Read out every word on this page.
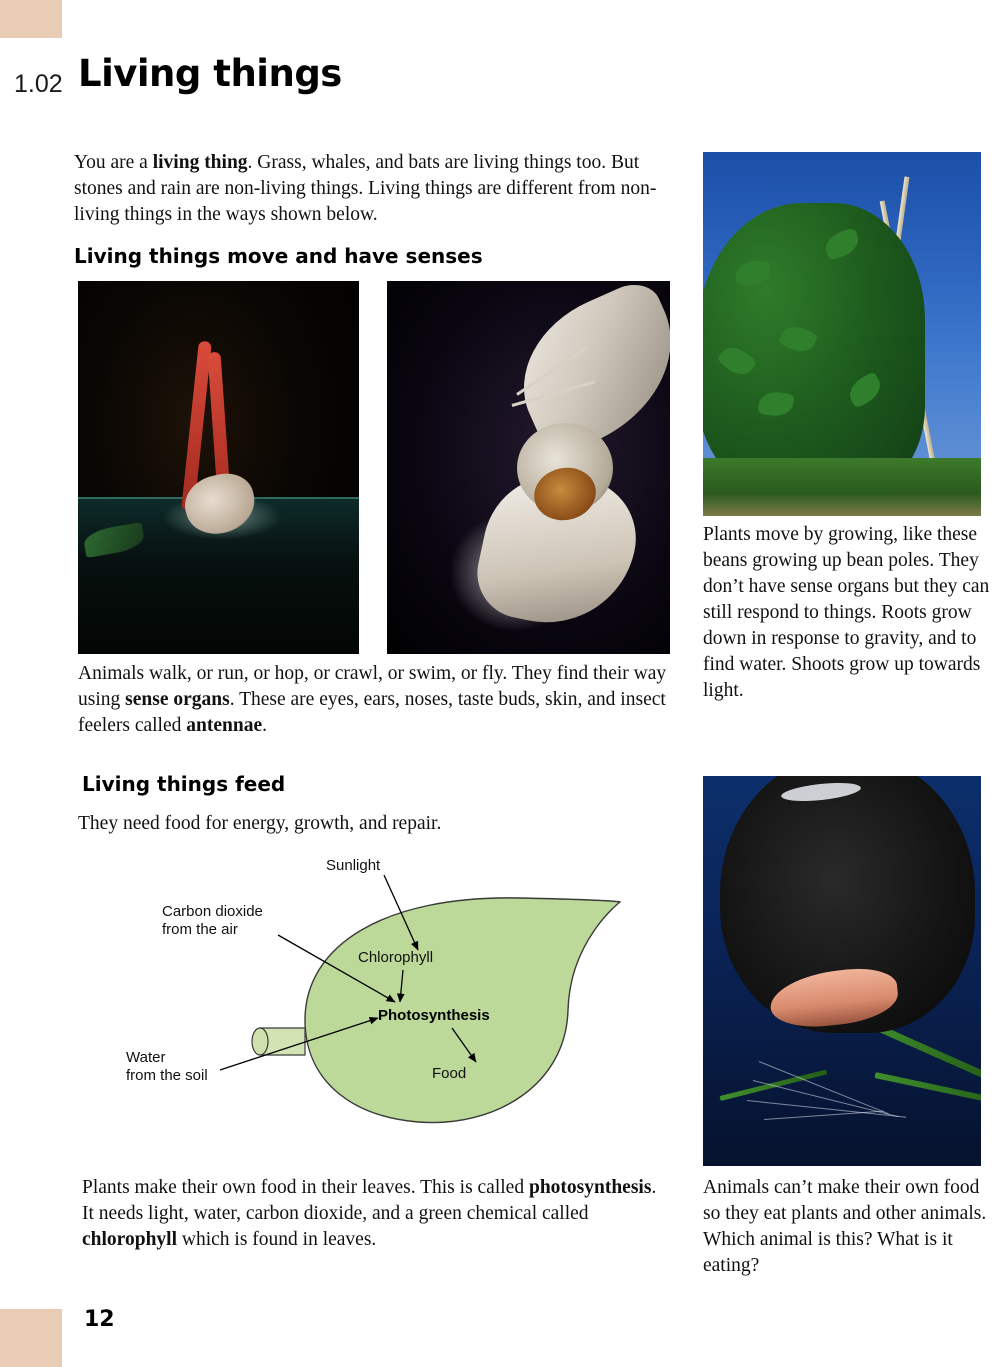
1.02 Living things
You are a living thing. Grass, whales, and bats are living things too. But stones and rain are non-living things. Living things are different from non-living things in the ways shown below.
Living things move and have senses
Plants move by growing, like these beans growing up bean poles. They don’t have sense organs but they can still respond to things. Roots grow down in response to gravity, and to find water. Shoots grow up towards light.
Animals walk, or run, or hop, or crawl, or swim, or fly. They find their way using sense organs. These are eyes, ears, noses, taste buds, skin, and insect feelers called antennae.
Living things feed
They need food for energy, growth, and repair.
Sunlight
Carbon dioxide
from the air
Chlorophyll
Photosynthesis
Food
Water
from the soil
Plants make their own food in their leaves. This is called photosynthesis. It needs light, water, carbon dioxide, and a green chemical called chlorophyll which is found in leaves.
Animals can’t make their own food so they eat plants and other animals. Which animal is this? What is it eating?
12
